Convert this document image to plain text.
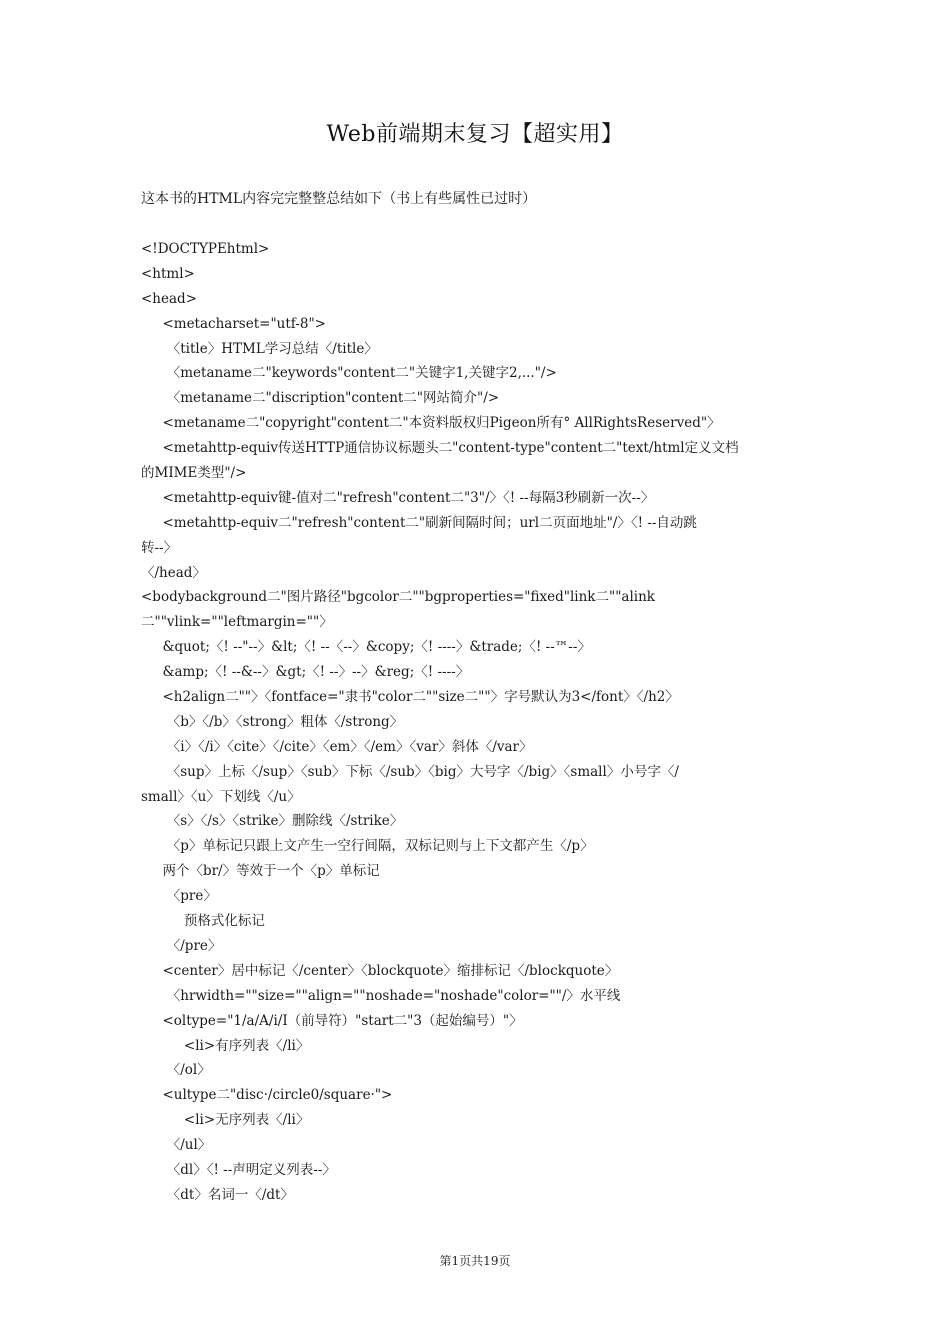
Web前端期末复习【超实用】
这本书的HTML内容完完整整总结如下（书上有些属性已过时）
<!DOCTYPEhtml>
<html>
<head>
<metacharset="utf-8">
〈title〉HTML学习总结〈/title〉
〈metaname二"keywords"content二"关键字1,关键字2,..."/>
〈metaname二"discription"content二"网站简介"/>
<metaname二"copyright"content二"本资料版权归Pigeon所有° AllRightsReserved"〉
<metahttp-equiv传送HTTP通信协议标题头二"content-type"content二"text/html定义文档
的MIME类型"/>
<metahttp-equiv键-值对二"refresh"content二"3"/〉〈! --每隔3秒刷新一次--〉
<metahttp-equiv二"refresh"content二"刷新间隔时间；url二页面地址"/〉〈! --自动跳
转--〉
〈/head〉
<bodybackground二"图片路径"bgcolor二""bgproperties="fixed"link二""alink
二""vlink=""leftmargin=""〉
&quot;〈! --"--〉&lt;〈! --〈--〉&copy;〈! ----〉&trade;〈! --™--〉
&amp;〈! --&--〉&gt;〈! --〉--〉&reg;〈! ----〉
<h2align二""〉〈fontface="隶书"color二""size二""〉字号默认为3</font〉〈/h2〉
〈b〉〈/b〉〈strong〉粗体〈/strong〉
〈i〉〈/i〉〈cite〉〈/cite〉〈em〉〈/em〉〈var〉斜体〈/var〉
〈sup〉上标〈/sup〉〈sub〉下标〈/sub〉〈big〉大号字〈/big〉〈small〉小号字〈/
small〉〈u〉下划线〈/u〉
〈s〉〈/s〉〈strike〉删除线〈/strike〉
〈p〉单标记只跟上文产生一空行间隔，双标记则与上下文都产生〈/p〉
两个〈br/〉等效于一个〈p〉单标记
〈pre〉
预格式化标记
〈/pre〉
<center〉居中标记〈/center〉〈blockquote〉缩排标记〈/blockquote〉
〈hrwidth=""size=""align=""noshade="noshade"color=""/〉水平线
<oltype="1/a/A/i/I（前导符）"start二"3（起始编号）"〉
<li>有序列表〈/li〉
〈/ol〉
<ultype二"disc·/circle0/square·">
<li>无序列表〈/li〉
〈/ul〉
〈dl〉〈! --声明定义列表--〉
〈dt〉名词一〈/dt〉
第1页共19页
